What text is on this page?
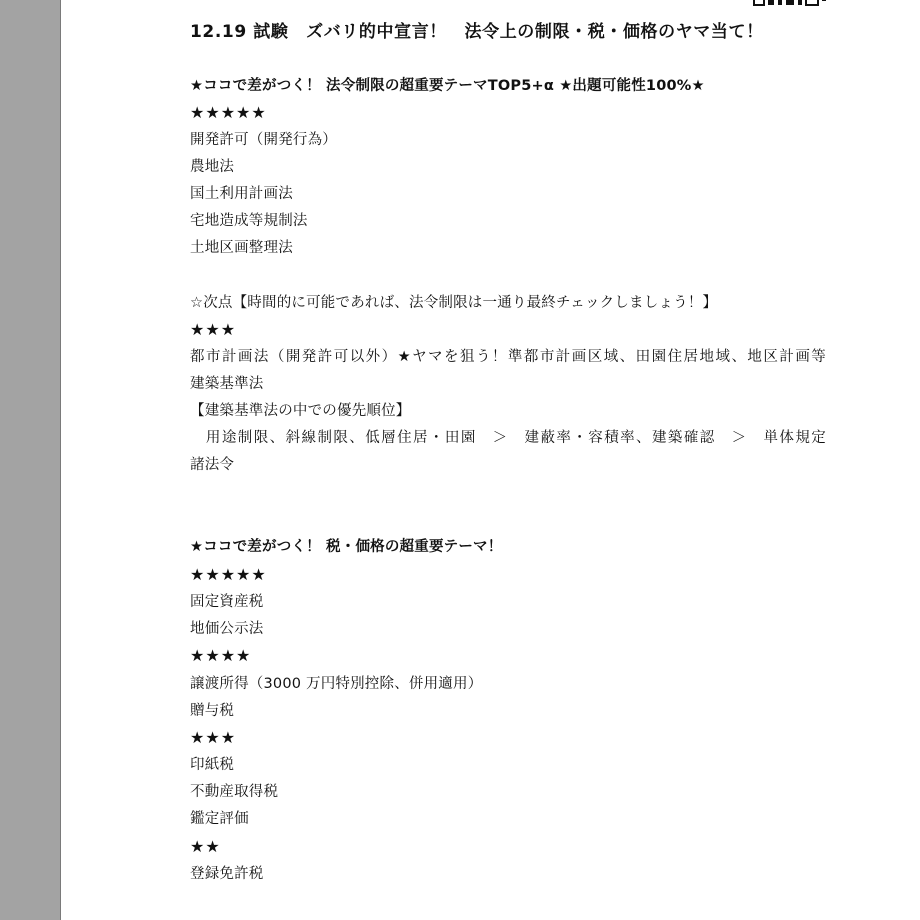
12.19 試験　ズバリ的中宣言！　法令上の制限・税・価格のヤマ当て！
★ココで差がつく！ 法令制限の超重要テーマTOP5+α ★出題可能性100%★
★★★★★
開発許可（開発行為）
農地法
国土利用計画法
宅地造成等規制法
土地区画整理法
☆次点【時間的に可能であれば、法令制限は一通り最終チェックしましょう！】
★★★
都市計画法（開発許可以外）★ヤマを狙う！準都市計画区域、田園住居地域、地区計画等
建築基準法
【建築基準法の中での優先順位】
　用途制限、斜線制限、低層住居・田園　＞　建蔽率・容積率、建築確認　＞　単体規定
諸法令
★ココで差がつく！ 税・価格の超重要テーマ！
★★★★★
固定資産税
地価公示法
★★★★
譲渡所得（3000 万円特別控除、併用適用）
贈与税
★★★
印紙税
不動産取得税
鑑定評価
★★
登録免許税
